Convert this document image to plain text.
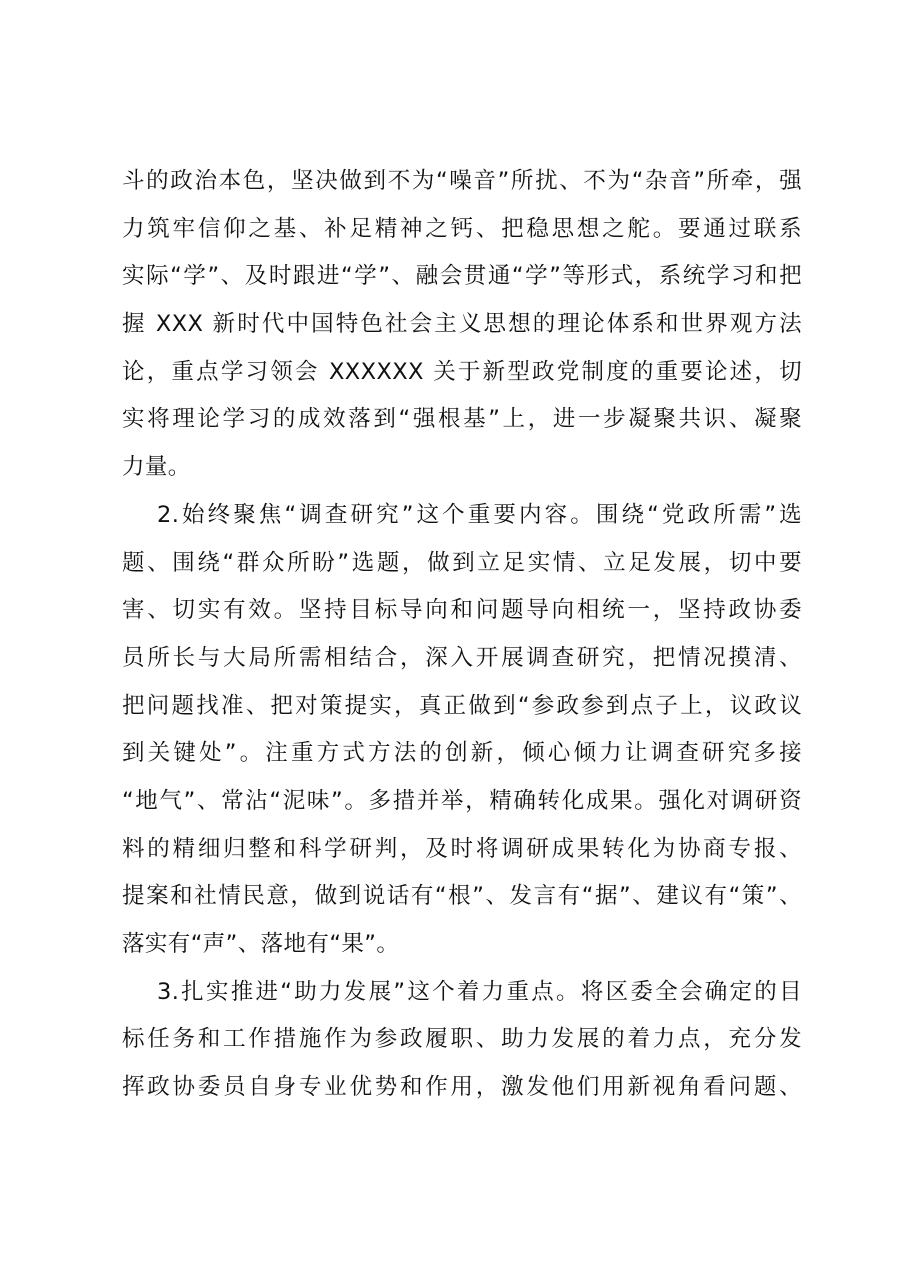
斗的政治本色，坚决做到不为“噪音”所扰、不为“杂音”所牵，强
力筑牢信仰之基、补足精神之钙、把稳思想之舵。要通过联系
实际“学”、及时跟进“学”、融会贯通“学”等形式，系统学习和把
握 XXX 新时代中国特色社会主义思想的理论体系和世界观方法
论，重点学习领会 XXXXXX 关于新型政党制度的重要论述，切
实将理论学习的成效落到“强根基”上，进一步凝聚共识、凝聚
力量。
2.始终聚焦“调查研究”这个重要内容。围绕“党政所需”选
题、围绕“群众所盼”选题，做到立足实情、立足发展，切中要
害、切实有效。坚持目标导向和问题导向相统一，坚持政协委
员所长与大局所需相结合，深入开展调查研究，把情况摸清、
把问题找准、把对策提实，真正做到“参政参到点子上，议政议
到关键处”。注重方式方法的创新，倾心倾力让调查研究多接
“地气”、常沾“泥味”。多措并举，精确转化成果。强化对调研资
料的精细归整和科学研判，及时将调研成果转化为协商专报、
提案和社情民意，做到说话有“根”、发言有“据”、建议有“策”、
落实有“声”、落地有“果”。
3.扎实推进“助力发展”这个着力重点。将区委全会确定的目
标任务和工作措施作为参政履职、助力发展的着力点，充分发
挥政协委员自身专业优势和作用，激发他们用新视角看问题、
